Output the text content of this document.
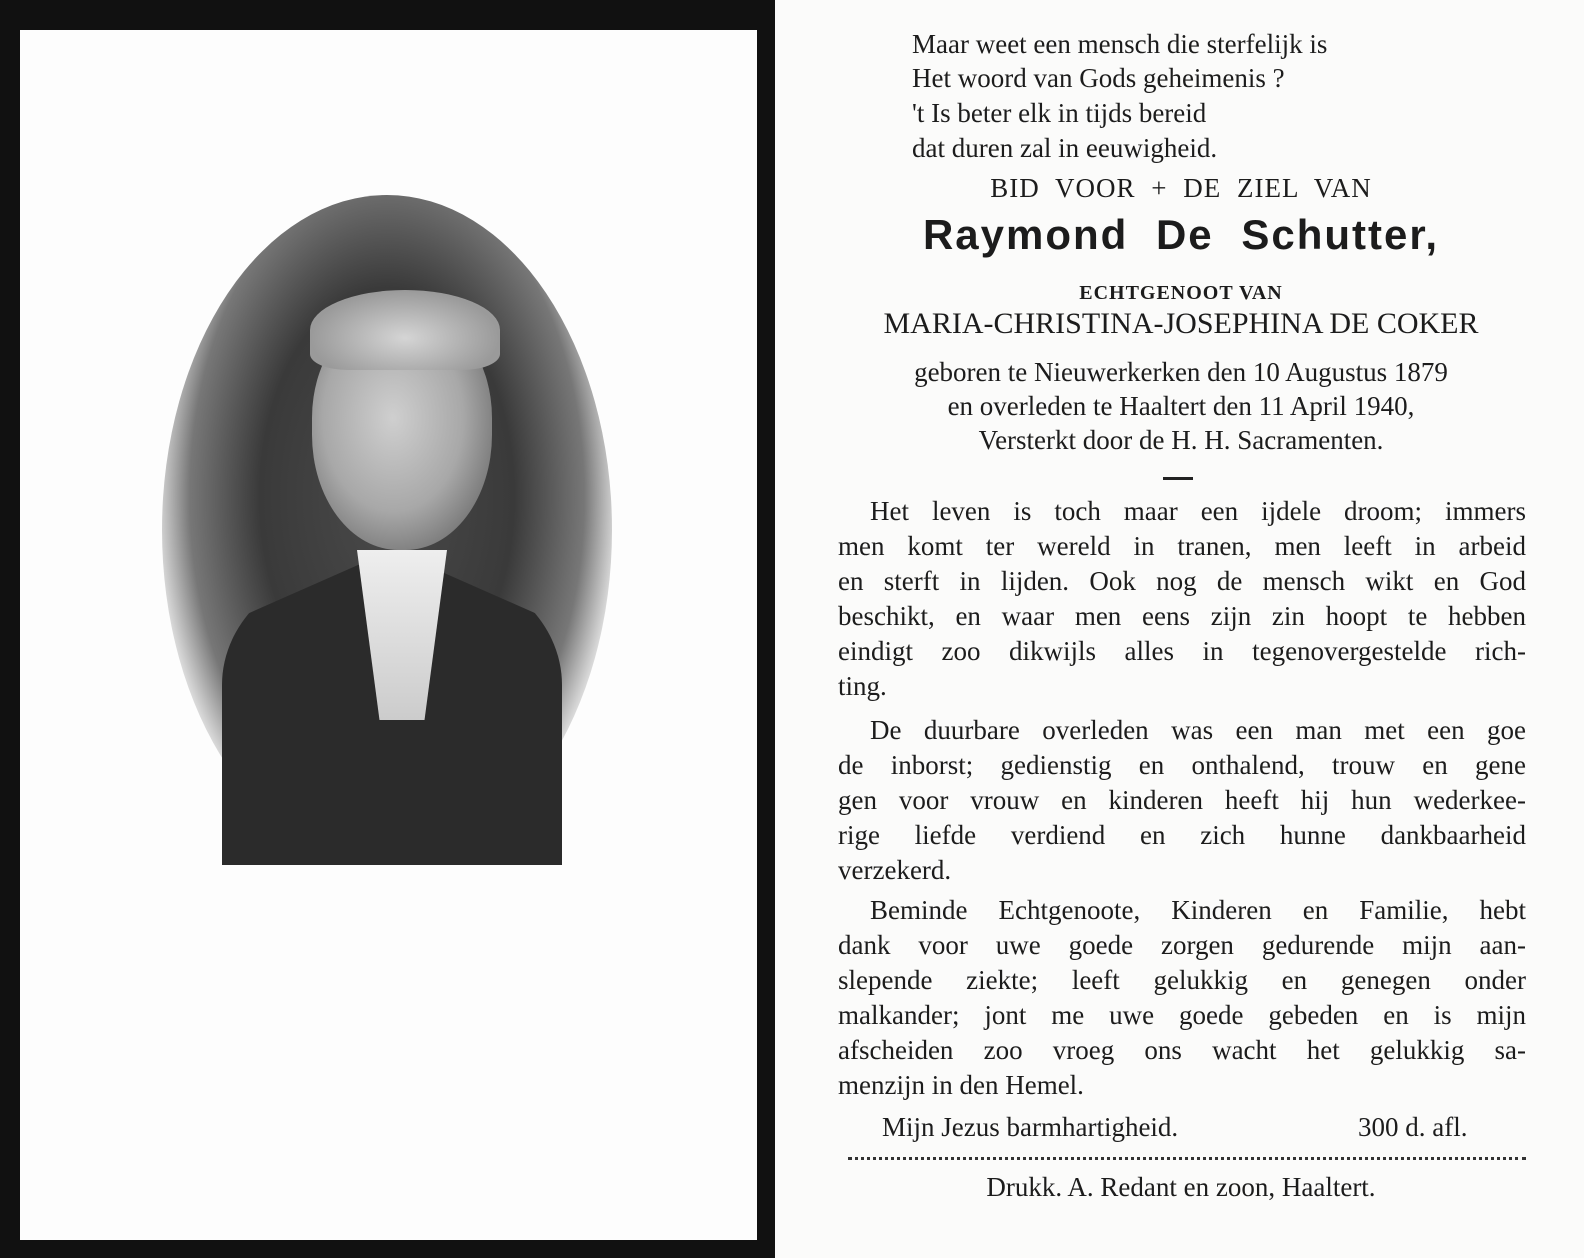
Maar weet een mensch die sterfelijk is
Het woord van Gods geheimenis ?
't Is beter elk in tijds bereid
dat duren zal in eeuwigheid.
BID VOOR + DE ZIEL VAN
Raymond De Schutter,
ECHTGENOOT VAN
MARIA-CHRISTINA-JOSEPHINA DE COKER
geboren te Nieuwerkerken den 10 Augustus 1879
en overleden te Haaltert den 11 April 1940,
Versterkt door de H. H. Sacramenten.
Het leven is toch maar een ijdele droom; immers
men komt ter wereld in tranen, men leeft in arbeid
en sterft in lijden. Ook nog de mensch wikt en God
beschikt, en waar men eens zijn zin hoopt te hebben
eindigt zoo dikwijls alles in tegenovergestelde rich-
ting.
De duurbare overleden was een man met een goe
de inborst; gedienstig en onthalend, trouw en gene
gen voor vrouw en kinderen heeft hij hun wederkee-
rige liefde verdiend en zich hunne dankbaarheid
verzekerd.
Beminde Echtgenoote, Kinderen en Familie, hebt
dank voor uwe goede zorgen gedurende mijn aan-
slepende ziekte; leeft gelukkig en genegen onder
malkander; jont me uwe goede gebeden en is mijn
afscheiden zoo vroeg ons wacht het gelukkig sa-
menzijn in den Hemel.
Mijn Jezus barmhartigheid.	300 d. afl.
Drukk. A. Redant en zoon, Haaltert.
